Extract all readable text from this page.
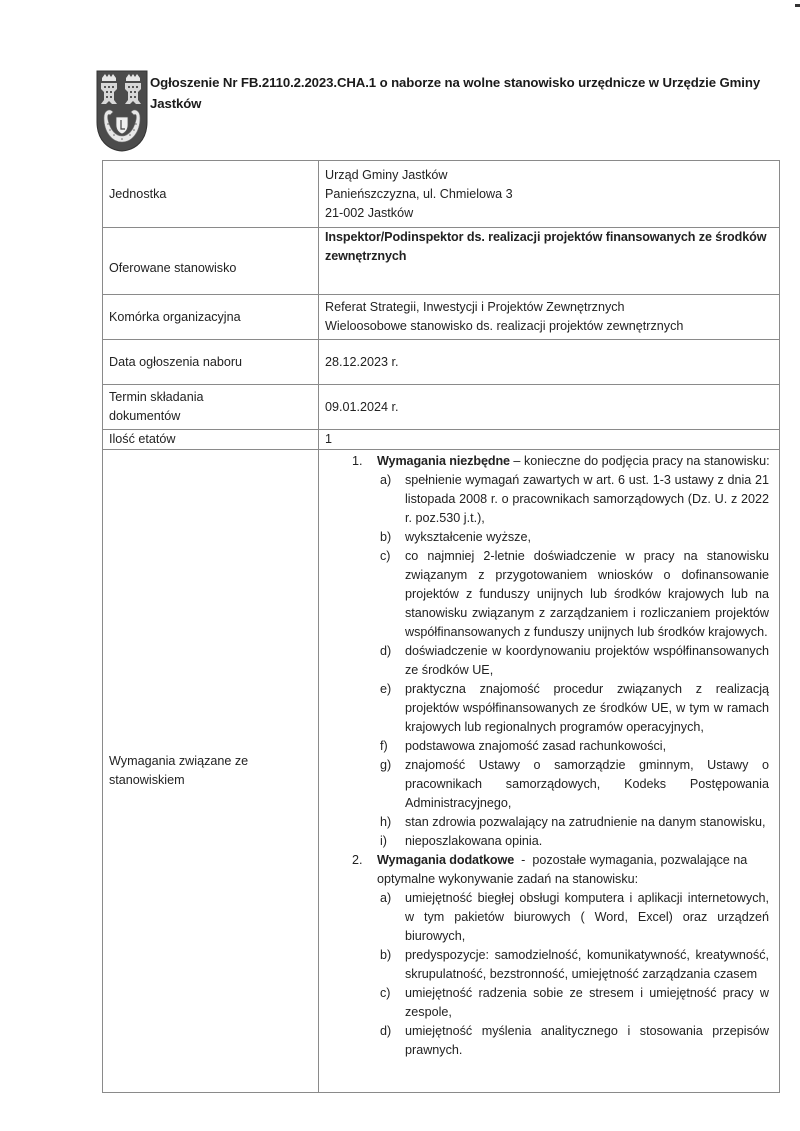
Ogłoszenie Nr FB.2110.2.2023.CHA.1 o naborze na wolne stanowisko urzędnicze w Urzędzie Gminy Jastków
Jednostka	Urząd Gminy Jastków
Panieńszczyzna, ul. Chmielowa 3
21-002 Jastków

Oferowane stanowisko	Inspektor/Podinspektor ds. realizacji projektów finansowanych ze środków zewnętrznych
Komórka organizacyjna	Referat Strategii, Inwestycji i Projektów Zewnętrznych
Wieloosobowe stanowisko ds. realizacji projektów zewnętrznych

Data ogłoszenia naboru	28.12.2023 r.
Termin składania dokumentów	09.01.2024 r.
Ilość etatów	1
Wymagania związane ze stanowiskiem	
1. Wymagania niezbędne – konieczne do podjęcia pracy na stanowisku:
a) spełnienie wymagań zawartych w art. 6 ust. 1-3 ustawy z dnia 21 listopada 2008 r. o pracownikach samorządowych (Dz. U. z 2022 r. poz.530 j.t.),
b) wykształcenie wyższe,
c) co najmniej 2-letnie doświadczenie w pracy na stanowisku związanym z przygotowaniem wniosków o dofinansowanie projektów z funduszy unijnych lub środków krajowych lub na stanowisku związanym z zarządzaniem i rozliczaniem projektów współfinansowanych z funduszy unijnych lub środków krajowych.
d) doświadczenie w koordynowaniu projektów współfinansowanych ze środków UE,
e) praktyczna znajomość procedur związanych z realizacją projektów współfinansowanych ze środków UE, w tym w ramach krajowych lub regionalnych programów operacyjnych,
f) podstawowa znajomość zasad rachunkowości,
g) znajomość Ustawy o samorządzie gminnym, Ustawy o pracownikach samorządowych, Kodeks Postępowania Administracyjnego,
h) stan zdrowia pozwalający na zatrudnienie na danym stanowisku,
i) nieposzlakowana opinia.
2. Wymagania dodatkowe  -  pozostałe wymagania, pozwalające na optymalne wykonywanie zadań na stanowisku:
a) umiejętność biegłej obsługi komputera i aplikacji internetowych, w tym pakietów biurowych ( Word, Excel) oraz urządzeń biurowych,
b) predyspozycje: samodzielność, komunikatywność, kreatywność, skrupulatność, bezstronność, umiejętność zarządzania czasem
c) umiejętność radzenia sobie ze stresem i umiejętność pracy w zespole,
d) umiejętność myślenia analitycznego i stosowania przepisów prawnych.
